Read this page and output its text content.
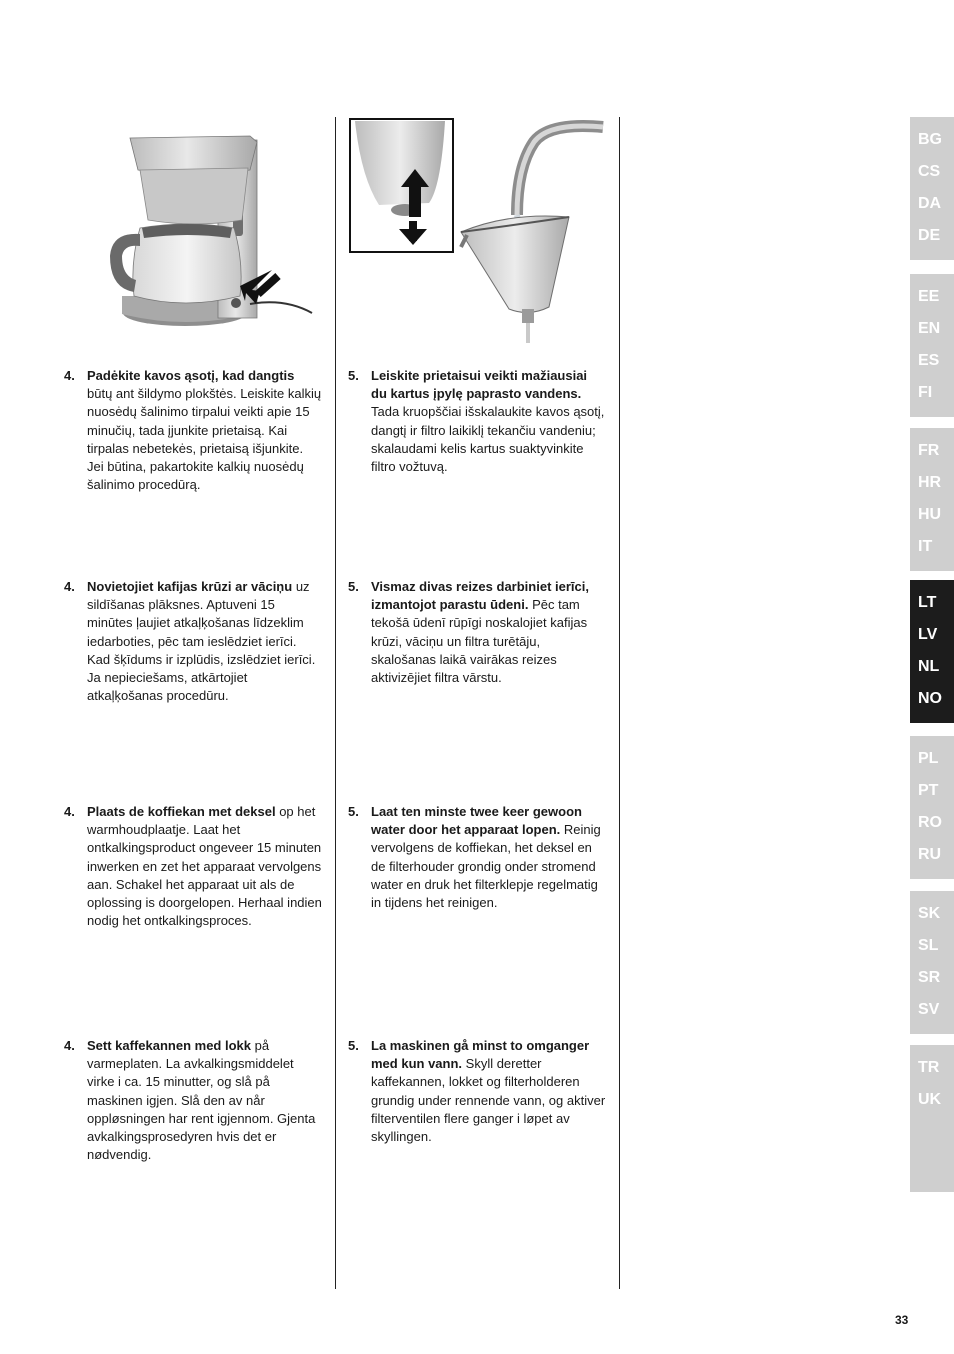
4. Padėkite kavos ąsotį, kad dangtis būtų ant šildymo plokštės. Leiskite kalkių nuosėdų šalinimo tirpalui veikti apie 15 minučių, tada įjunkite prietaisą. Kai tirpalas nebetekės, prietaisą išjunkite. Jei būtina, pakartokite kalkių nuosėdų šalinimo procedūrą.
5. Leiskite prietaisui veikti mažiausiai du kartus įpylę paprasto vandens. Tada kruopščiai išskalaukite kavos ąsotį, dangtį ir filtro laikiklį tekančiu vandeniu; skalaudami kelis kartus suaktyvinkite filtro vožtuvą.
4. Novietojiet kafijas krūzi ar vāciņu uz sildīšanas plāksnes. Aptuveni 15 minūtes ļaujiet atkaļķošanas līdzeklim iedarboties, pēc tam ieslēdziet ierīci. Kad šķīdums ir izplūdis, izslēdziet ierīci. Ja nepieciešams, atkārtojiet atkaļķošanas procedūru.
5. Vismaz divas reizes darbiniet ierīci, izmantojot parastu ūdeni. Pēc tam tekošā ūdenī rūpīgi noskalojiet kafijas krūzi, vāciņu un filtra turētāju, skalošanas laikā vairākas reizes aktivizējiet filtra vārstu.
4. Plaats de koffiekan met deksel op het warmhoudplaatje. Laat het ontkalkingsproduct ongeveer 15 minuten inwerken en zet het apparaat vervolgens aan. Schakel het apparaat uit als de oplossing is doorgelopen. Herhaal indien nodig het ontkalkingsproces.
5. Laat ten minste twee keer gewoon water door het apparaat lopen. Reinig vervolgens de koffiekan, het deksel en de filterhouder grondig onder stromend water en druk het filterklepje regelmatig in tijdens het reinigen.
4. Sett kaffekannen med lokk på varmeplaten. La avkalkingsmiddelet virke i ca. 15 minutter, og slå på maskinen igjen. Slå den av når oppløsningen har rent igjennom. Gjenta avkalkingsprosedyren hvis det er nødvendig.
5. La maskinen gå minst to omganger med kun vann. Skyll deretter kaffekannen, lokket og filterholderen grundig under rennende vann, og aktiver filterventilen flere ganger i løpet av skyllingen.
BG
CS
DA
DE
EE
EN
ES
FI
FR
HR
HU
IT
LT
LV
NL
NO
PL
PT
RO
RU
SK
SL
SR
SV
TR
UK
33
